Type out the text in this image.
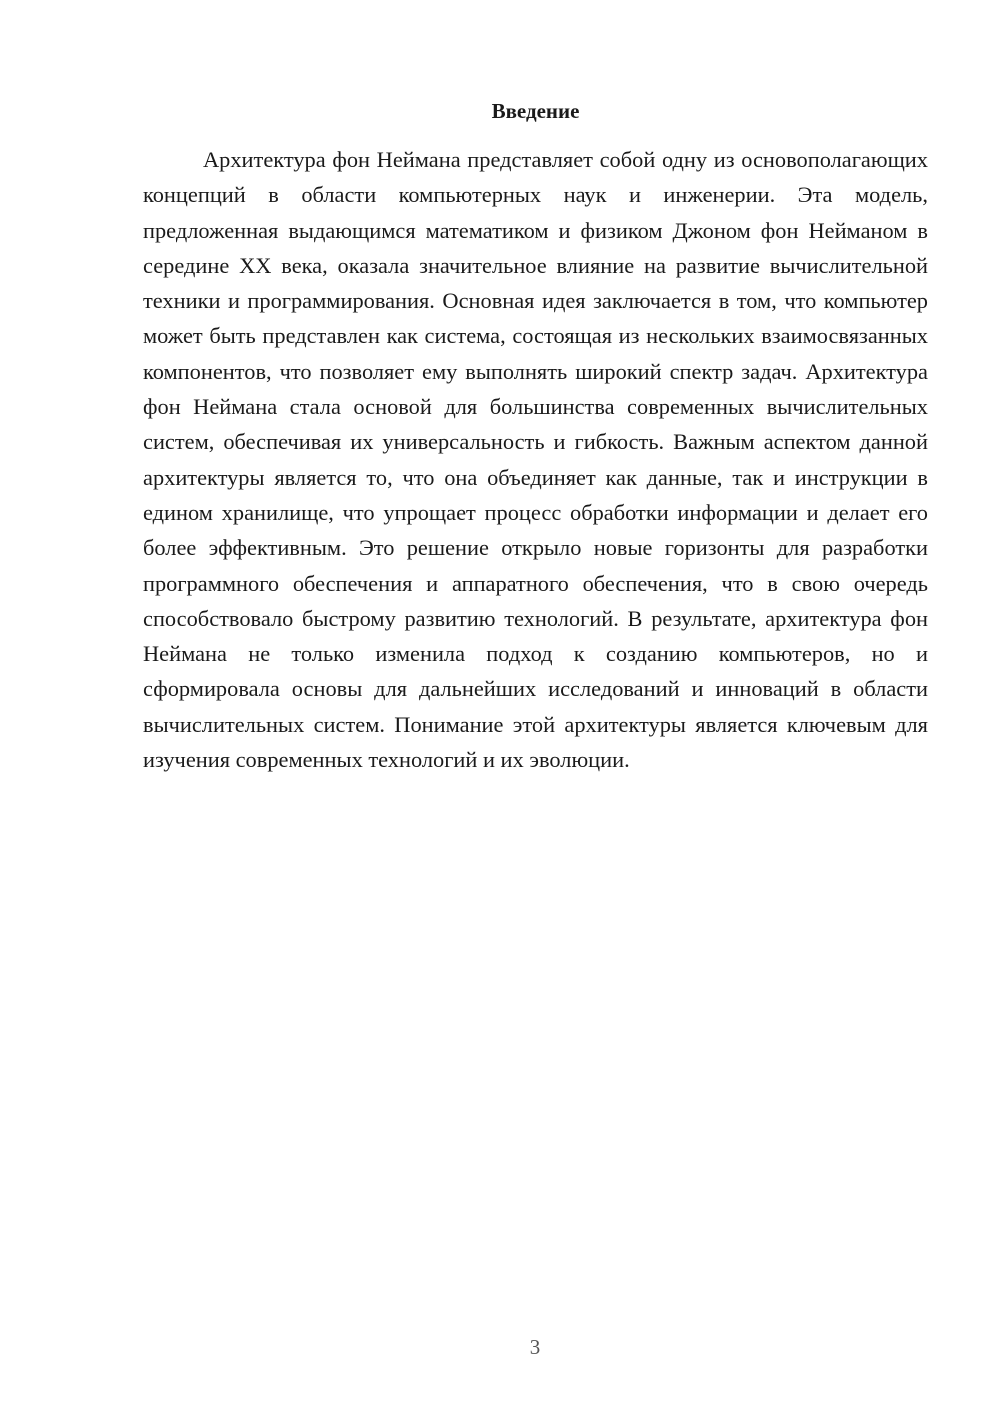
Введение

Архитектура фон Неймана представляет собой одну из основополагающих концепций в области компьютерных наук и инженерии. Эта модель, предложенная выдающимся математиком и физиком Джоном фон Нейманом в середине XX века, оказала значительное влияние на развитие вычислительной техники и программирования. Основная идея заключается в том, что компьютер может быть представлен как система, состоящая из нескольких взаимосвязанных компонентов, что позволяет ему выполнять широкий спектр задач. Архитектура фон Неймана стала основой для большинства современных вычислительных систем, обеспечивая их универсальность и гибкость. Важным аспектом данной архитектуры является то, что она объединяет как данные, так и инструкции в едином хранилище, что упрощает процесс обработки информации и делает его более эффективным. Это решение открыло новые горизонты для разработки программного обеспечения и аппаратного обеспечения, что в свою очередь способствовало быстрому развитию технологий. В результате, архитектура фон Неймана не только изменила подход к созданию компьютеров, но и сформировала основы для дальнейших исследований и инноваций в области вычислительных систем. Понимание этой архитектуры является ключевым для изучения современных технологий и их эволюции.

3
